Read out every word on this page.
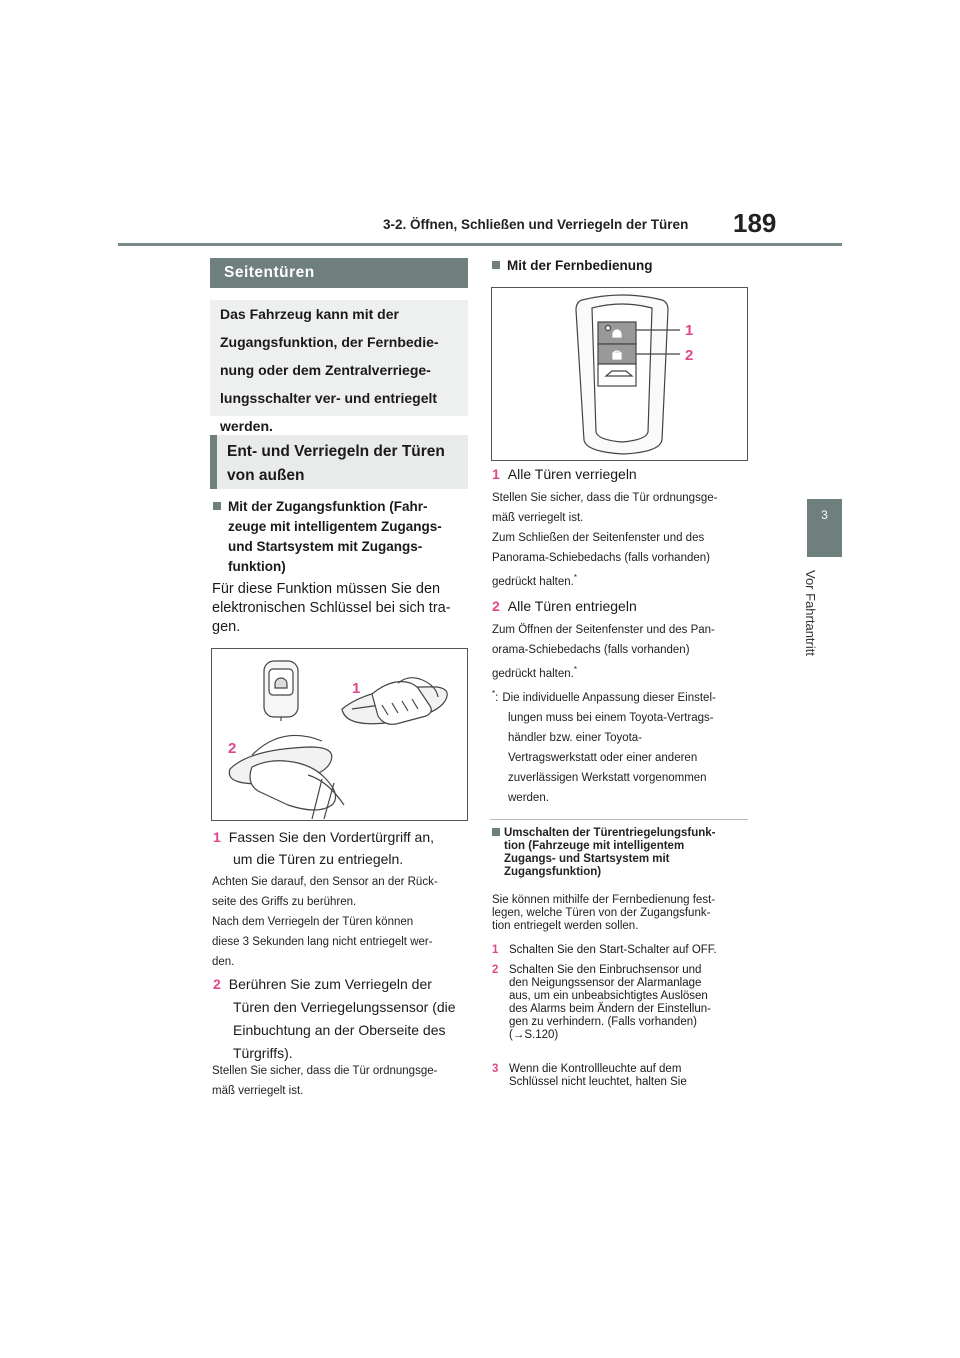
3-2. Öffnen, Schließen und Verriegeln der Türen 189
3
Vor Fahrtantritt
Seitentüren
Das Fahrzeug kann mit der
Zugangsfunktion, der Fernbedie-
nung oder dem Zentralverriege-
lungsschalter ver- und entriegelt
werden.
Ent- und Verriegeln der Türen
von außen
Mit der Zugangsfunktion (Fahr-
zeuge mit intelligentem Zugangs-
und Startsystem mit Zugangs-
funktion)
Für diese Funktion müssen Sie den
elektronischen Schlüssel bei sich tra-
gen.
1
2
1 Fassen Sie den Vordertürgriff an,
um die Türen zu entriegeln.
Achten Sie darauf, den Sensor an der Rück-
seite des Griffs zu berühren.
Nach dem Verriegeln der Türen können
diese 3 Sekunden lang nicht entriegelt wer-
den.
2 Berühren Sie zum Verriegeln der
Türen den Verriegelungssensor (die
Einbuchtung an der Oberseite des
Türgriffs).
Stellen Sie sicher, dass die Tür ordnungsge-
mäß verriegelt ist.
Mit der Fernbedienung
1
2
1 Alle Türen verriegeln
Stellen Sie sicher, dass die Tür ordnungsge-
mäß verriegelt ist.
Zum Schließen der Seitenfenster und des
Panorama-Schiebedachs (falls vorhanden)
gedrückt halten.*
2 Alle Türen entriegeln
Zum Öffnen der Seitenfenster und des Pan-
orama-Schiebedachs (falls vorhanden)
gedrückt halten.*
*: Die individuelle Anpassung dieser Einstel-
lungen muss bei einem Toyota-Vertrags-
händler bzw. einer Toyota-
Vertragswerkstatt oder einer anderen
zuverlässigen Werkstatt vorgenommen
werden.
Umschalten der Türentriegelungsfunk-
tion (Fahrzeuge mit intelligentem
Zugangs- und Startsystem mit
Zugangsfunktion)
Sie können mithilfe der Fernbedienung fest-
legen, welche Türen von der Zugangsfunk-
tion entriegelt werden sollen.
1 Schalten Sie den Start-Schalter auf OFF.
2 Schalten Sie den Einbruchsensor und
den Neigungssensor der Alarmanlage
aus, um ein unbeabsichtigtes Auslösen
des Alarms beim Ändern der Einstellun-
gen zu verhindern. (Falls vorhanden)
(→S.120)
3 Wenn die Kontrollleuchte auf dem
Schlüssel nicht leuchtet, halten Sie
